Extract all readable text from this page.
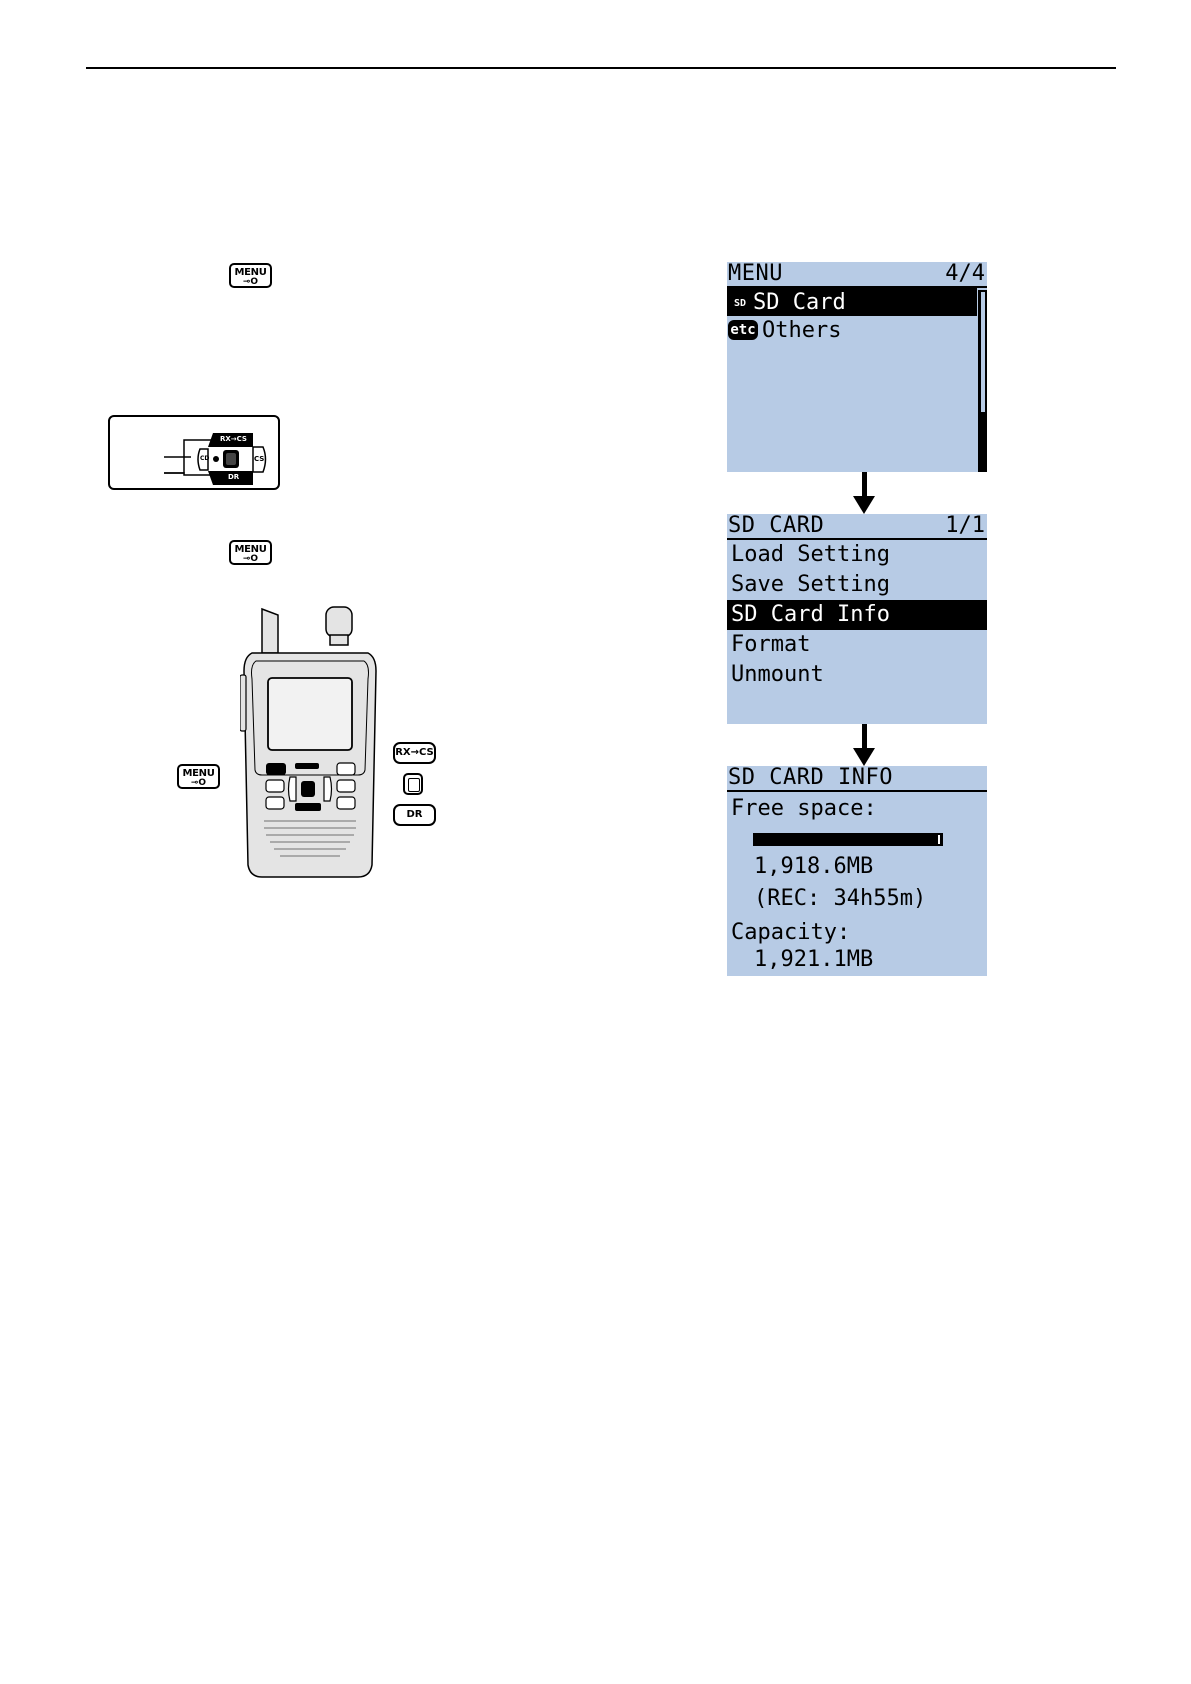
MENU
⊸O
RX→CS
DR
CS
CD
MENU
⊸O
MENU
⊸O
RX→CS
DR
MENU	4/4
SD SD Card
etc Others
SD CARD	1/1
Load Setting
Save Setting
SD Card Info
Format
Unmount
SD CARD INFO
Free space:
1,918.6MB
(REC: 34h55m)
Capacity:
1,921.1MB
